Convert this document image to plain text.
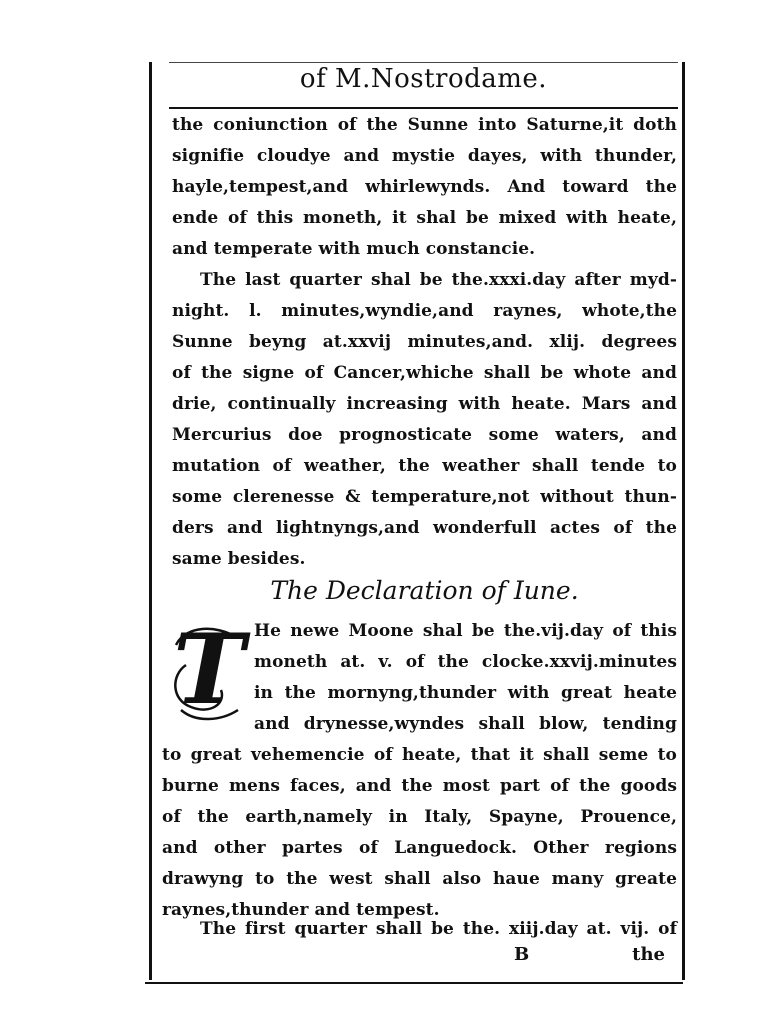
of M.Nostrodame.
the coniunction of the Sunne into Saturne,it doth
signifie cloudye and mystie dayes, with thunder,
hayle,tempest,and whirlewynds. And toward the
ende of this moneth, it shal be mixed with heate,
and temperate with much constancie.
The last quarter shal be the.xxxi.day after myd-
night. l. minutes,wyndie,and raynes, whote,the
Sunne beyng at.xxvij minutes,and. xlij. degrees
of the signe of Cancer,whiche shall be whote and
drie, continually increasing with heate. Mars and
Mercurius doe prognosticate some waters, and
mutation of weather, the weather shall tende to
some clerenesse & temperature,not without thun-
ders and lightnyngs,and wonderfull actes of the
same besides.
The Declaration of Iune.
T He newe Moone shal be the.vij.day of this
moneth at. v. of the clocke.xxvij.minutes
in the mornyng,thunder with great heate
and drynesse,wyndes shall blow, tending
to great vehemencie of heate, that it shall seme to
burne mens faces, and the most part of the goods
of the earth,namely in Italy, Spayne, Prouence,
and other partes of Languedock. Other regions
drawyng to the west shall also haue many greate
raynes,thunder and tempest.
The first quarter shall be the. xiij.day at. vij. of
B	the
